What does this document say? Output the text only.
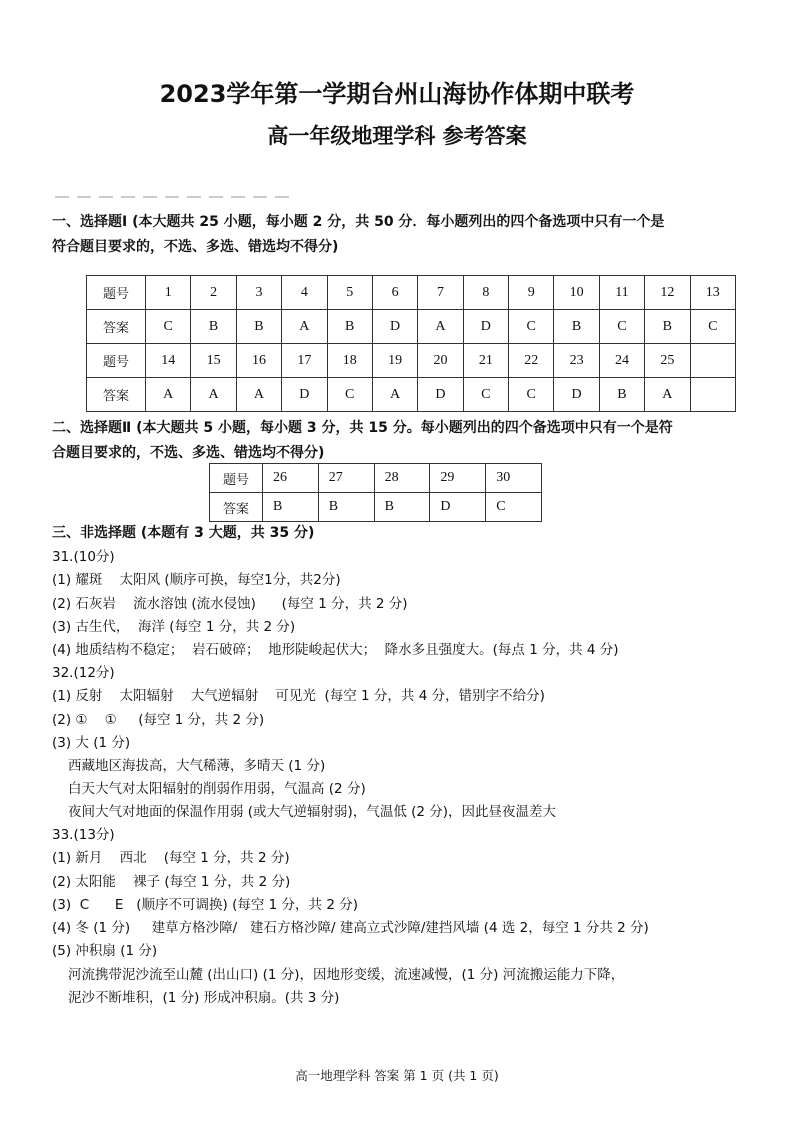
2023学年第一学期台州山海协作体期中联考
高一年级地理学科 参考答案
一、选择题Ⅰ (本大题共 25 小题，每小题 2 分，共 50 分．每小题列出的四个备选项中只有一个是
符合题目要求的，不选、多选、错选均不得分)
题号	1	2	3	4	5	6	7	8	9	10	11	12	13
答案	C	B	B	A	B	D	A	D	C	B	C	B	C
题号	14	15	16	17	18	19	20	21	22	23	24	25	
答案	A	A	A	D	C	A	D	C	C	D	B	A	
二、选择题Ⅱ (本大题共 5 小题，每小题 3 分，共 15 分。每小题列出的四个备选项中只有一个是符
合题目要求的，不选、多选、错选均不得分)
题号	26	27	28	29	30
答案	B	B	B	D	C
三、非选择题 (本题有 3 大题，共 35 分)
31.(10分)
(1) 耀斑    太阳风 (顺序可换，每空1分，共2分)
(2) 石灰岩    流水溶蚀 (流水侵蚀)      (每空 1 分，共 2 分)
(3) 古生代，  海洋 (每空 1 分，共 2 分)
(4) 地质结构不稳定；  岩石破碎；  地形陡峻起伏大；  降水多且强度大。(每点 1 分，共 4 分)
32.(12分)
(1) 反射    太阳辐射    大气逆辐射    可见光  (每空 1 分，共 4 分，错别字不给分)
(2) ①    ①     (每空 1 分，共 2 分)
(3) 大 (1 分)
西藏地区海拔高，大气稀薄，多晴天 (1 分)
白天大气对太阳辐射的削弱作用弱，气温高 (2 分)
夜间大气对地面的保温作用弱 (或大气逆辐射弱)，气温低 (2 分)，因此昼夜温差大
33.(13分)
(1) 新月    西北    (每空 1 分，共 2 分)
(2) 太阳能    裸子 (每空 1 分，共 2 分)
(3)  C      E   (顺序不可调换) (每空 1 分，共 2 分)
(4) 冬 (1 分)     建草方格沙障/   建石方格沙障/ 建高立式沙障/建挡风墙 (4 选 2，每空 1 分共 2 分)
(5) 冲积扇 (1 分)
河流携带泥沙流至山麓 (出山口) (1 分)，因地形变缓，流速减慢，(1 分) 河流搬运能力下降，
泥沙不断堆积，(1 分) 形成冲积扇。(共 3 分)
高一地理学科 答案 第 1 页 (共 1 页)
